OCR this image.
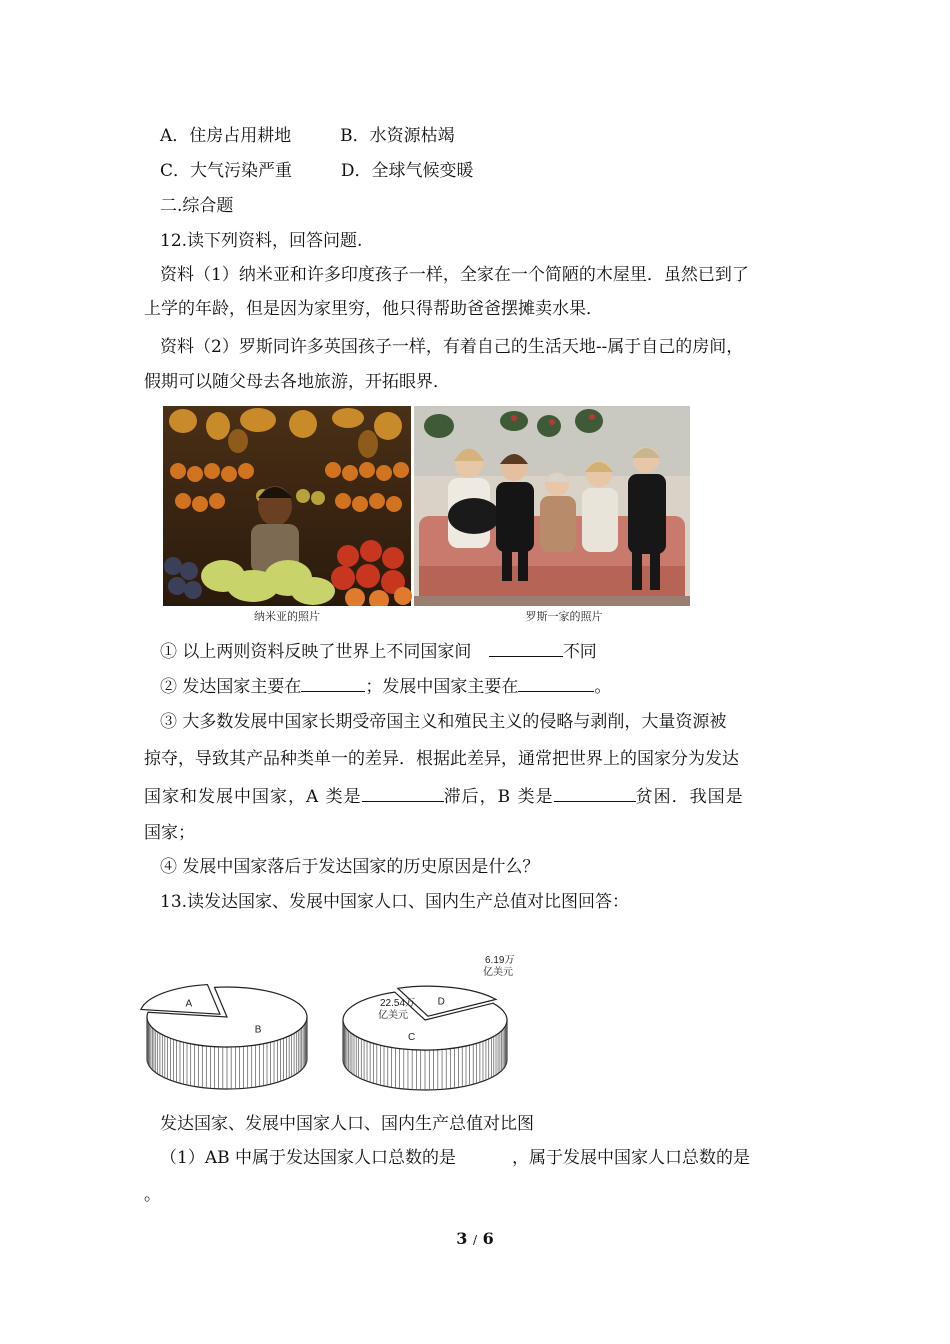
A．住房占用耕地	B．水资源枯竭
C．大气污染严重	D．全球气候变暖
二.综合题
12.读下列资料，回答问题.
资料（1）纳米亚和许多印度孩子一样，全家在一个简陋的木屋里．虽然已到了
上学的年龄，但是因为家里穷，他只得帮助爸爸摆摊卖水果．
资料（2）罗斯同许多英国孩子一样，有着自己的生活天地--属于自己的房间，
假期可以随父母去各地旅游，开拓眼界．
纳米亚的照片	罗斯一家的照片
① 以上两则资料反映了世界上不同国家间	不同
② 发达国家主要在	；发展中国家主要在	。
③ 大多数发展中国家长期受帝国主义和殖民主义的侵略与剥削，大量资源被
掠夺，导致其产品种类单一的差异．根据此差异，通常把世界上的国家分为发达
国家和发展中国家，A 类是	滞后，B 类是	贫困．我国是
国家；
④ 发展中国家落后于发达国家的历史原因是什么？
13.读发达国家、发展中国家人口、国内生产总值对比图回答：
A
B
D
C
6.19万
亿美元
22.54万
亿美元
发达国家、发展中国家人口、国内生产总值对比图
（1）AB 中属于发达国家人口总数的是	，属于发展中国家人口总数的是
。
3 / 6
